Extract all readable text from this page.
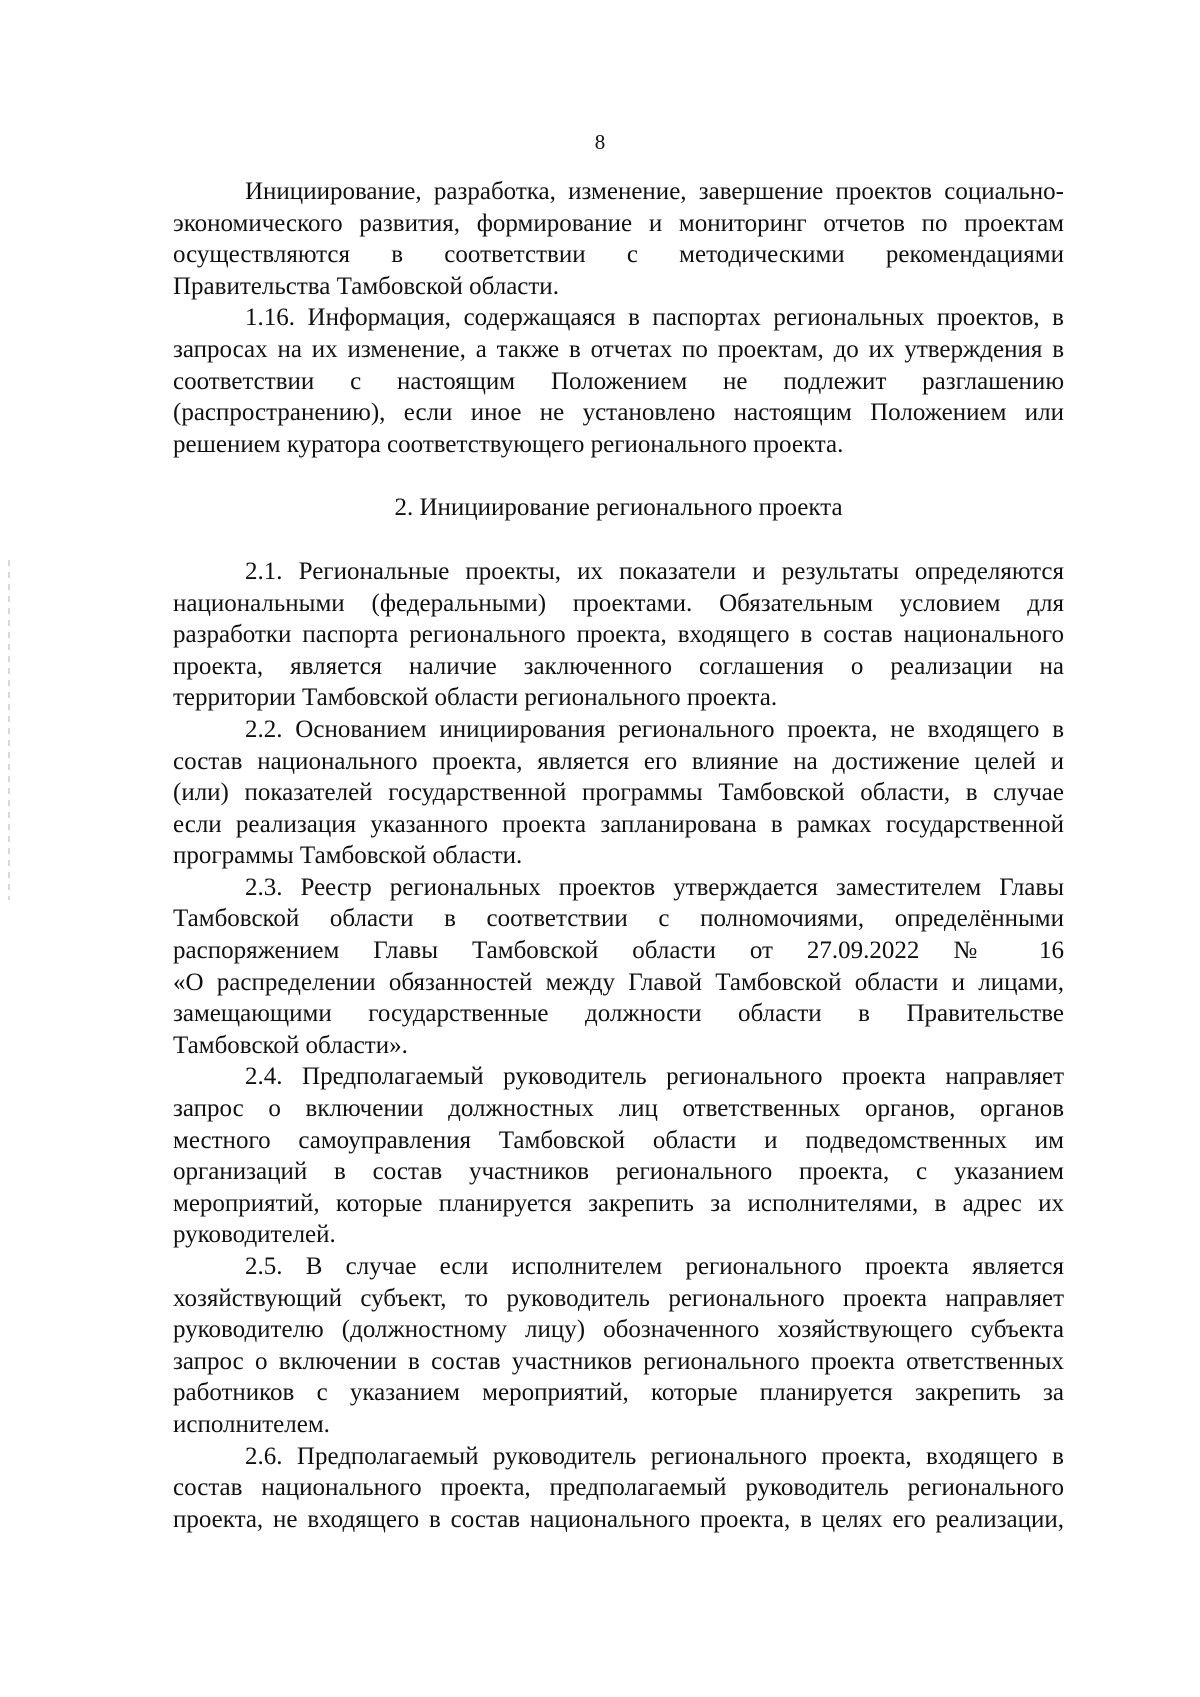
8
Инициирование, разработка, изменение, завершение проектов социально-
экономического развития, формирование и мониторинг отчетов по проектам
осуществляются в соответствии с методическими рекомендациями
Правительства Тамбовской области.
1.16. Информация, содержащаяся в паспортах региональных проектов, в
запросах на их изменение, а также в отчетах по проектам, до их утверждения в
соответствии с настоящим Положением не подлежит разглашению
(распространению), если иное не установлено настоящим Положением или
решением куратора соответствующего регионального проекта.
2. Инициирование регионального проекта
2.1. Региональные проекты, их показатели и результаты определяются
национальными (федеральными) проектами. Обязательным условием для
разработки паспорта регионального проекта, входящего в состав национального
проекта, является наличие заключенного соглашения о реализации на
территории Тамбовской области регионального проекта.
2.2. Основанием инициирования регионального проекта, не входящего в
состав национального проекта, является его влияние на достижение целей и
(или) показателей государственной программы Тамбовской области, в случае
если реализация указанного проекта запланирована в рамках государственной
программы Тамбовской области.
2.3. Реестр региональных проектов утверждается заместителем Главы
Тамбовской области в соответствии с полномочиями, определёнными
распоряжением Главы Тамбовской области от 27.09.2022 № 16
«О распределении обязанностей между Главой Тамбовской области и лицами,
замещающими государственные должности области в Правительстве
Тамбовской области».
2.4. Предполагаемый руководитель регионального проекта направляет
запрос о включении должностных лиц ответственных органов, органов
местного самоуправления Тамбовской области и подведомственных им
организаций в состав участников регионального проекта, с указанием
мероприятий, которые планируется закрепить за исполнителями, в адрес их
руководителей.
2.5. В случае если исполнителем регионального проекта является
хозяйствующий субъект, то руководитель регионального проекта направляет
руководителю (должностному лицу) обозначенного хозяйствующего субъекта
запрос о включении в состав участников регионального проекта ответственных
работников с указанием мероприятий, которые планируется закрепить за
исполнителем.
2.6. Предполагаемый руководитель регионального проекта, входящего в
состав национального проекта, предполагаемый руководитель регионального
проекта, не входящего в состав национального проекта, в целях его реализации,
